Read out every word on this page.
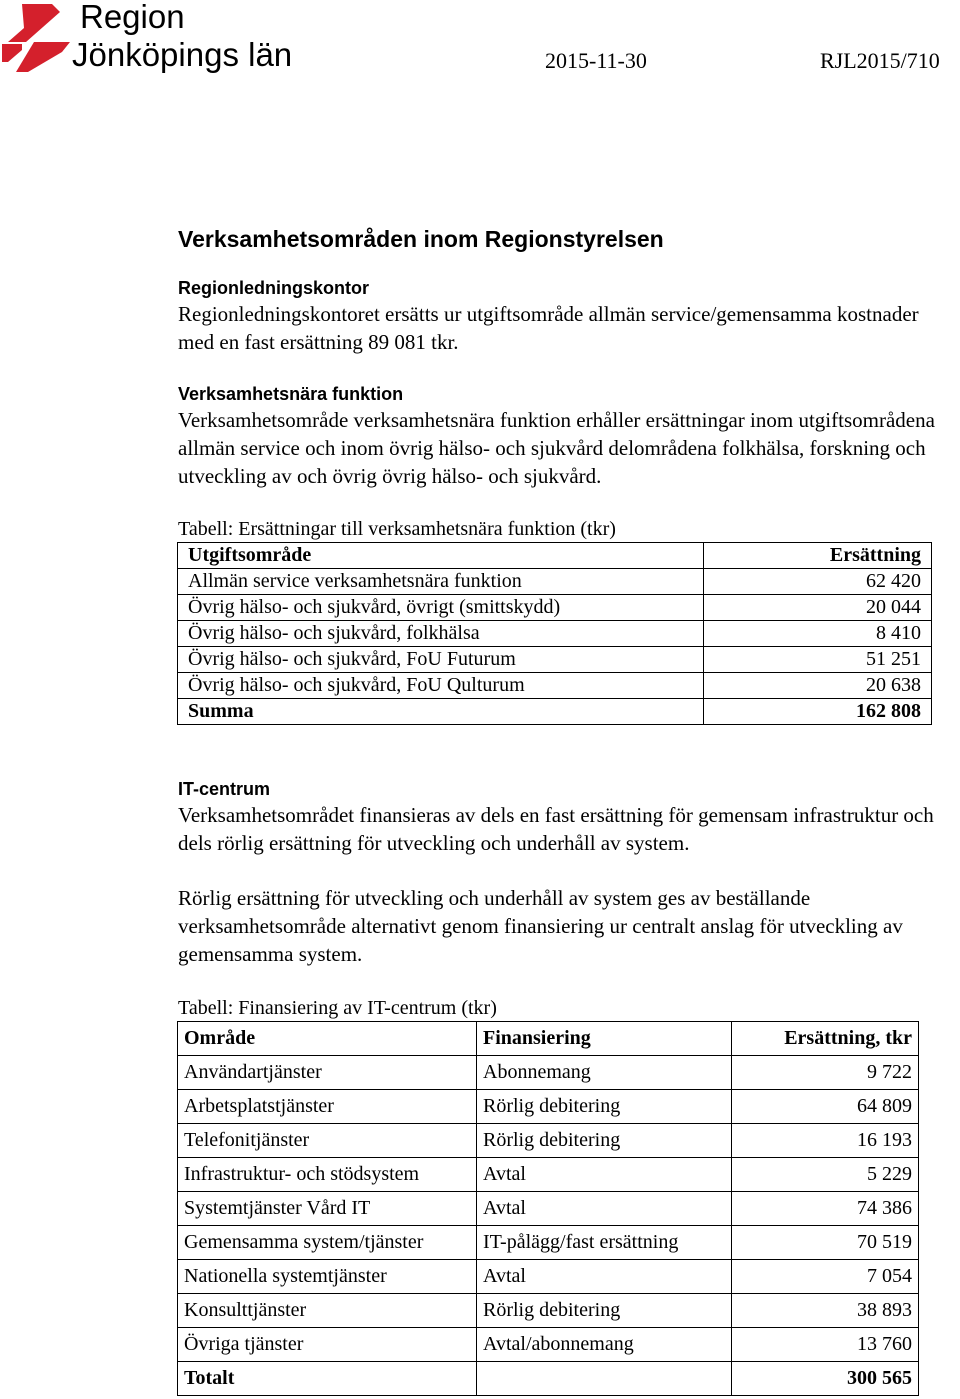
Region
Jönköpings län	2015-11-30	RJL2015/710
Verksamhetsområden inom Regionstyrelsen
Regionledningskontor

Regionledningskontoret ersätts ur utgiftsområde allmän service/gemensamma kostnader med en fast ersättning 89 081 tkr.

Verksamhetsnära funktion

Verksamhetsområde verksamhetsnära funktion erhåller ersättningar inom utgiftsområdena allmän service och inom övrig hälso- och sjukvård delområdena folkhälsa, forskning och utveckling av och övrig övrig hälso- och sjukvård.

Tabell: Ersättningar till verksamhetsnära funktion (tkr)

Utgiftsområde	Ersättning
Allmän service verksamhetsnära funktion	62 420
Övrig hälso- och sjukvård, övrigt (smittskydd)	20 044
Övrig hälso- och sjukvård, folkhälsa	8 410
Övrig hälso- och sjukvård, FoU Futurum	51 251
Övrig hälso- och sjukvård, FoU Qulturum	20 638
Summa	162 808
IT-centrum

Verksamhetsområdet finansieras av dels en fast ersättning för gemensam infrastruktur och dels rörlig ersättning för utveckling och underhåll av system.

Rörlig ersättning för utveckling och underhåll av system ges av beställande verksamhetsområde alternativt genom finansiering ur centralt anslag för utveckling av gemensamma system.

Tabell: Finansiering av IT-centrum (tkr)

Område	Finansiering	Ersättning, tkr
Användartjänster	Abonnemang	9 722
Arbetsplatstjänster	Rörlig debitering	64 809
Telefonitjänster	Rörlig debitering	16 193
Infrastruktur- och stödsystem	Avtal	5 229
Systemtjänster Vård IT	Avtal	74 386
Gemensamma system/tjänster	IT-pålägg/fast ersättning	70 519
Nationella systemtjänster	Avtal	7 054
Konsulttjänster	Rörlig debitering	38 893
Övriga tjänster	Avtal/abonnemang	13 760
Totalt		300 565
